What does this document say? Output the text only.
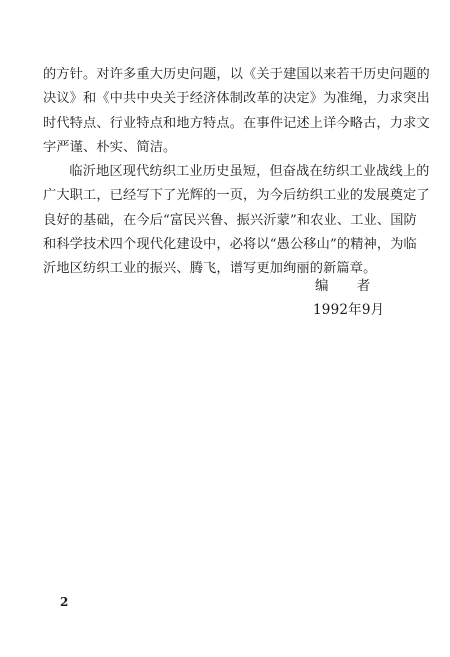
的方针。对许多重大历史问题，以《关于建国以来若干历史问题的
决议》和《中共中央关于经济体制改革的决定》为准绳，力求突出
时代特点、行业特点和地方特点。在事件记述上详今略古，力求文
字严谨、朴实、简洁。

临沂地区现代纺织工业历史虽短，但奋战在纺织工业战线上的
广大职工，已经写下了光辉的一页，为今后纺织工业的发展奠定了
良好的基础，在今后“富民兴鲁、振兴沂蒙”和农业、工业、国防
和科学技术四个现代化建设中，必将以“愚公移山”的精神，为临
沂地区纺织工业的振兴、腾飞，谱写更加绚丽的新篇章。

编 者
1992年9月
2
